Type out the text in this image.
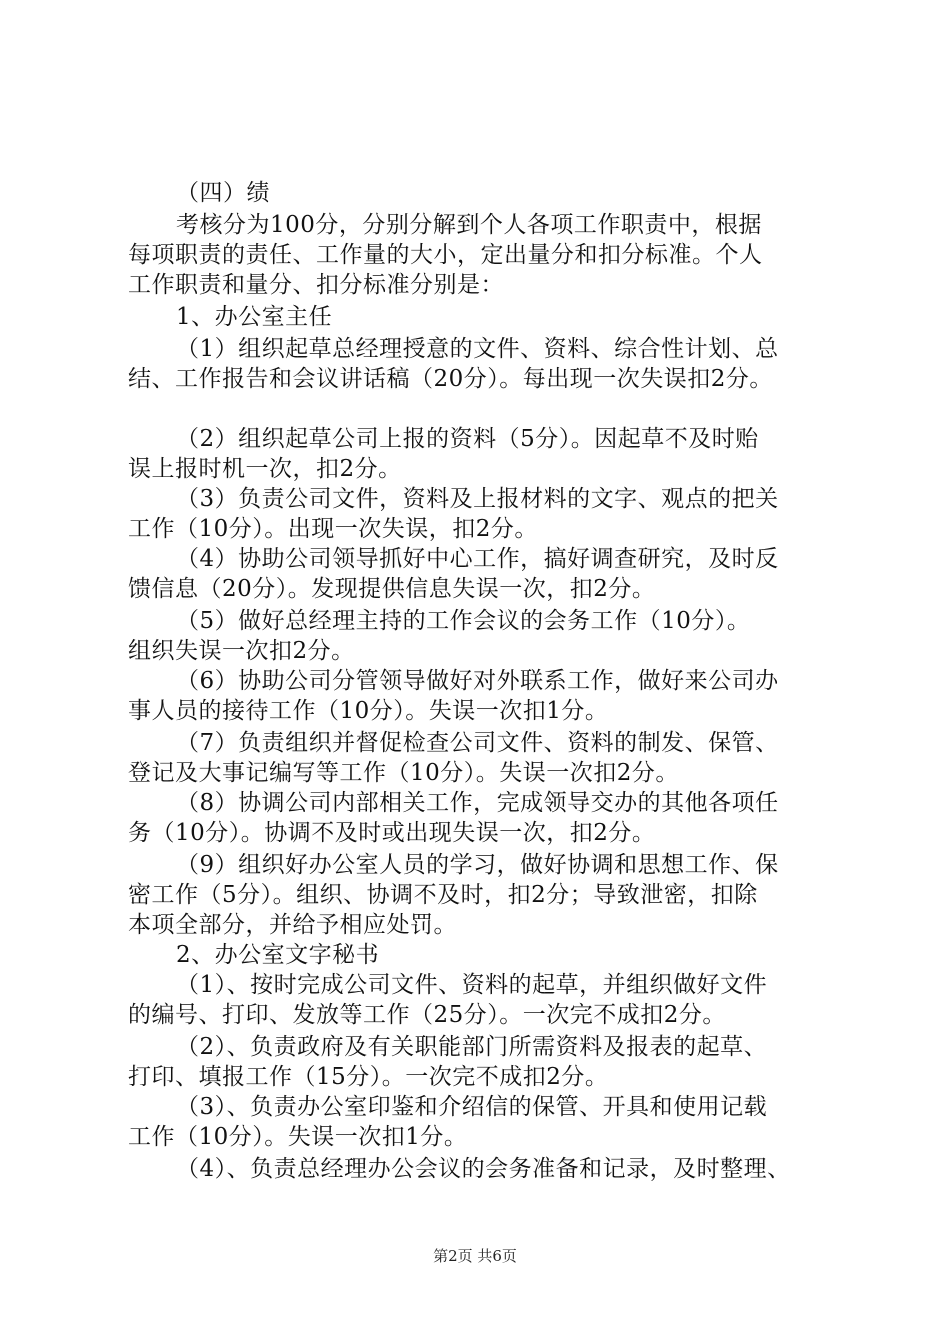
（四）绩
考核分为100分，分别分解到个人各项工作职责中，根据
每项职责的责任、工作量的大小，定出量分和扣分标准。个人
工作职责和量分、扣分标准分别是：
1、办公室主任
（1）组织起草总经理授意的文件、资料、综合性计划、总
结、工作报告和会议讲话稿（20分）。每出现一次失误扣2分。
（2）组织起草公司上报的资料（5分）。因起草不及时贻
误上报时机一次，扣2分。
（3）负责公司文件，资料及上报材料的文字、观点的把关
工作（10分）。出现一次失误，扣2分。
（4）协助公司领导抓好中心工作，搞好调查研究，及时反
馈信息（20分）。发现提供信息失误一次，扣2分。
（5）做好总经理主持的工作会议的会务工作（10分）。
组织失误一次扣2分。
（6）协助公司分管领导做好对外联系工作，做好来公司办
事人员的接待工作（10分）。失误一次扣1分。
（7）负责组织并督促检查公司文件、资料的制发、保管、
登记及大事记编写等工作（10分）。失误一次扣2分。
（8）协调公司内部相关工作，完成领导交办的其他各项任
务（10分）。协调不及时或出现失误一次，扣2分。
（9）组织好办公室人员的学习，做好协调和思想工作、保
密工作（5分）。组织、协调不及时，扣2分；导致泄密，扣除
本项全部分，并给予相应处罚。
2、办公室文字秘书
（1）、按时完成公司文件、资料的起草，并组织做好文件
的编号、打印、发放等工作（25分）。一次完不成扣2分。
（2）、负责政府及有关职能部门所需资料及报表的起草、
打印、填报工作（15分）。一次完不成扣2分。
（3）、负责办公室印鉴和介绍信的保管、开具和使用记载
工作（10分）。失误一次扣1分。
（4）、负责总经理办公会议的会务准备和记录，及时整理、
第2页 共6页
